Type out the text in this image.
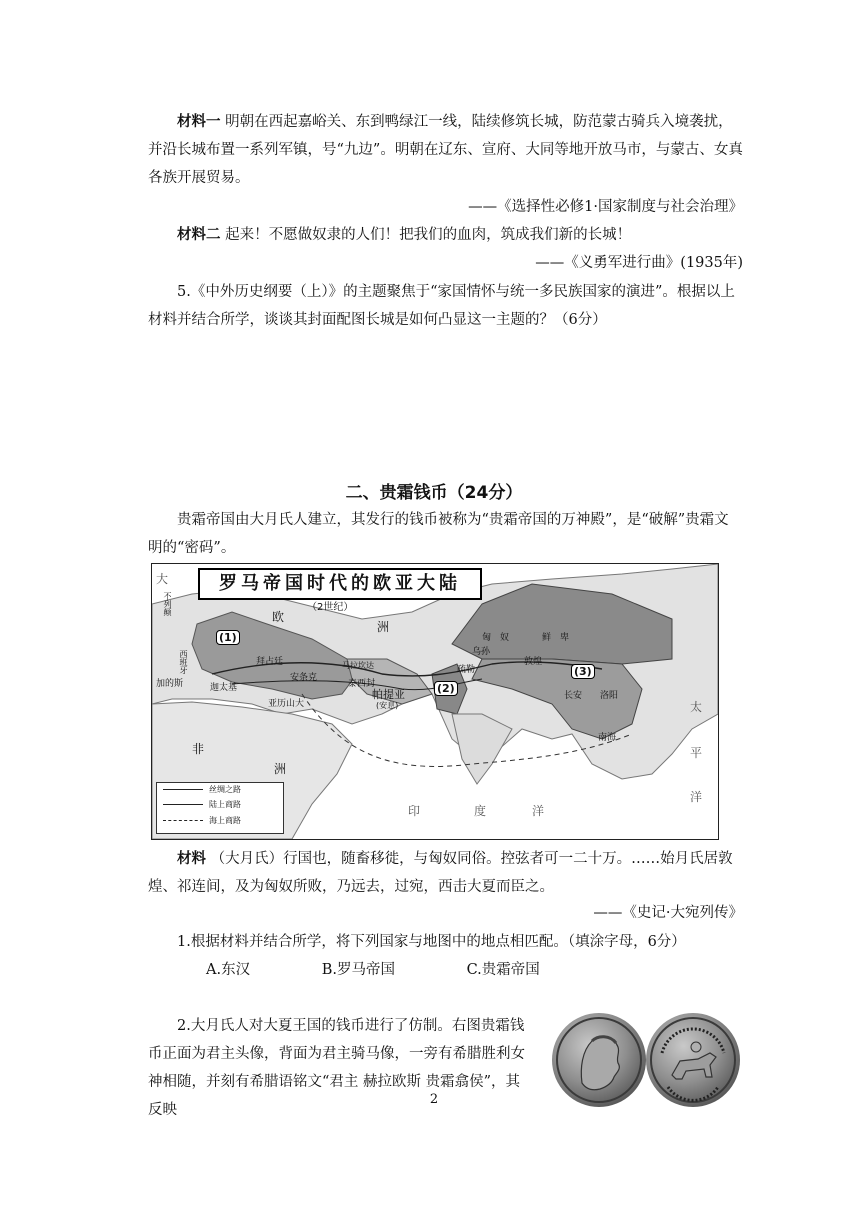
材料一 明朝在西起嘉峪关、东到鸭绿江一线，陆续修筑长城，防范蒙古骑兵入境袭扰，并沿长城布置一系列军镇，号“九边”。明朝在辽东、宣府、大同等地开放马市，与蒙古、女真各族开展贸易。
——《选择性必修1·国家制度与社会治理》
材料二 起来！不愿做奴隶的人们！把我们的血肉，筑成我们新的长城！
——《义勇军进行曲》(1935年)
5.《中外历史纲要（上）》的主题聚焦于“家国情怀与统一多民族国家的演进”。根据以上材料并结合所学，谈谈其封面配图长城是如何凸显这一主题的？（6分）
二、贵霜钱币（24分）
贵霜帝国由大月氏人建立，其发行的钱币被称为“贵霜帝国的万神殿”，是“破解”贵霜文明的“密码”。
罗马帝国时代的欧亚大陆
（2世纪）
(1)
(2)
(3)
大
欧
洲
不列颠
西班牙
加的斯	迦太基
拜占廷
安条克
亚历山大
马拉坎达
泰西封
帕提亚
(安息)
乌孙
匈　奴	鲜　卑
疏勒
敦煌
长安 洛阳
南海
太
平
洋
非
洲
印	度	洋
丝绸之路
陆上商路
海上商路
材料 （大月氏）行国也，随畜移徙，与匈奴同俗。控弦者可一二十万。……始月氏居敦煌、祁连间，及为匈奴所败，乃远去，过宛，西击大夏而臣之。
——《史记·大宛列传》
1.根据材料并结合所学，将下列国家与地图中的地点相匹配。（填涂字母，6分）
A.东汉	B.罗马帝国	C.贵霜帝国
2.大月氏人对大夏王国的钱币进行了仿制。右图贵霜钱币正面为君主头像，背面为君主骑马像，一旁有希腊胜利女神相随，并刻有希腊语铭文“君主 赫拉欧斯 贵霜翕侯”，其反映
2
